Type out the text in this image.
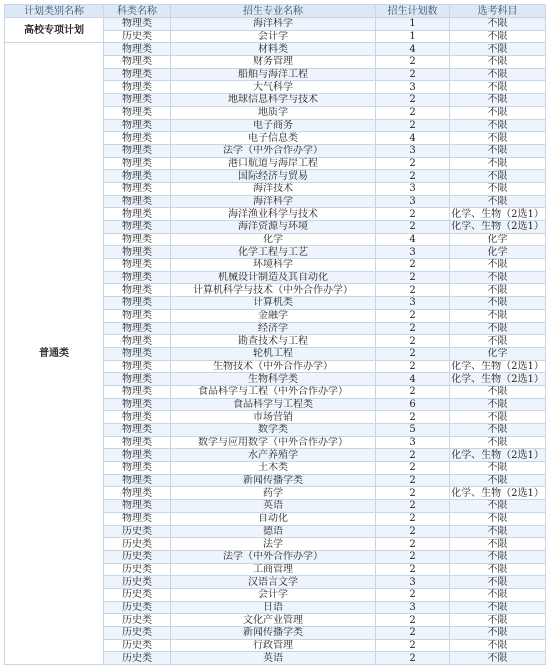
计划类别名称	科类名称	招生专业名称	招生计划数	选考科目
高校专项计划	物理类	海洋科学	1	不限
	历史类	会计学	1	不限
普通类	物理类	材料类	4	不限
	物理类	财务管理	2	不限
	物理类	船舶与海洋工程	2	不限
	物理类	大气科学	3	不限
	物理类	地球信息科学与技术	2	不限
	物理类	地质学	2	不限
	物理类	电子商务	2	不限
	物理类	电子信息类	4	不限
	物理类	法学（中外合作办学）	3	不限
	物理类	港口航道与海岸工程	2	不限
	物理类	国际经济与贸易	2	不限
	物理类	海洋技术	3	不限
	物理类	海洋科学	3	不限
	物理类	海洋渔业科学与技术	2	化学、生物（2选1）
	物理类	海洋资源与环境	2	化学、生物（2选1）
	物理类	化学	4	化学
	物理类	化学工程与工艺	3	化学
	物理类	环境科学	2	不限
	物理类	机械设计制造及其自动化	2	不限
	物理类	计算机科学与技术（中外合作办学）	2	不限
	物理类	计算机类	3	不限
	物理类	金融学	2	不限
	物理类	经济学	2	不限
	物理类	勘查技术与工程	2	不限
	物理类	轮机工程	2	化学
	物理类	生物技术（中外合作办学）	2	化学、生物（2选1）
	物理类	生物科学类	4	化学、生物（2选1）
	物理类	食品科学与工程（中外合作办学）	2	不限
	物理类	食品科学与工程类	6	不限
	物理类	市场营销	2	不限
	物理类	数学类	5	不限
	物理类	数学与应用数学（中外合作办学）	3	不限
	物理类	水产养殖学	2	化学、生物（2选1）
	物理类	土木类	2	不限
	物理类	新闻传播学类	2	不限
	物理类	药学	2	化学、生物（2选1）
	物理类	英语	2	不限
	物理类	自动化	2	不限
	历史类	德语	2	不限
	历史类	法学	2	不限
	历史类	法学（中外合作办学）	2	不限
	历史类	工商管理	2	不限
	历史类	汉语言文学	3	不限
	历史类	会计学	2	不限
	历史类	日语	3	不限
	历史类	文化产业管理	2	不限
	历史类	新闻传播学类	2	不限
	历史类	行政管理	2	不限
	历史类	英语	2	不限
